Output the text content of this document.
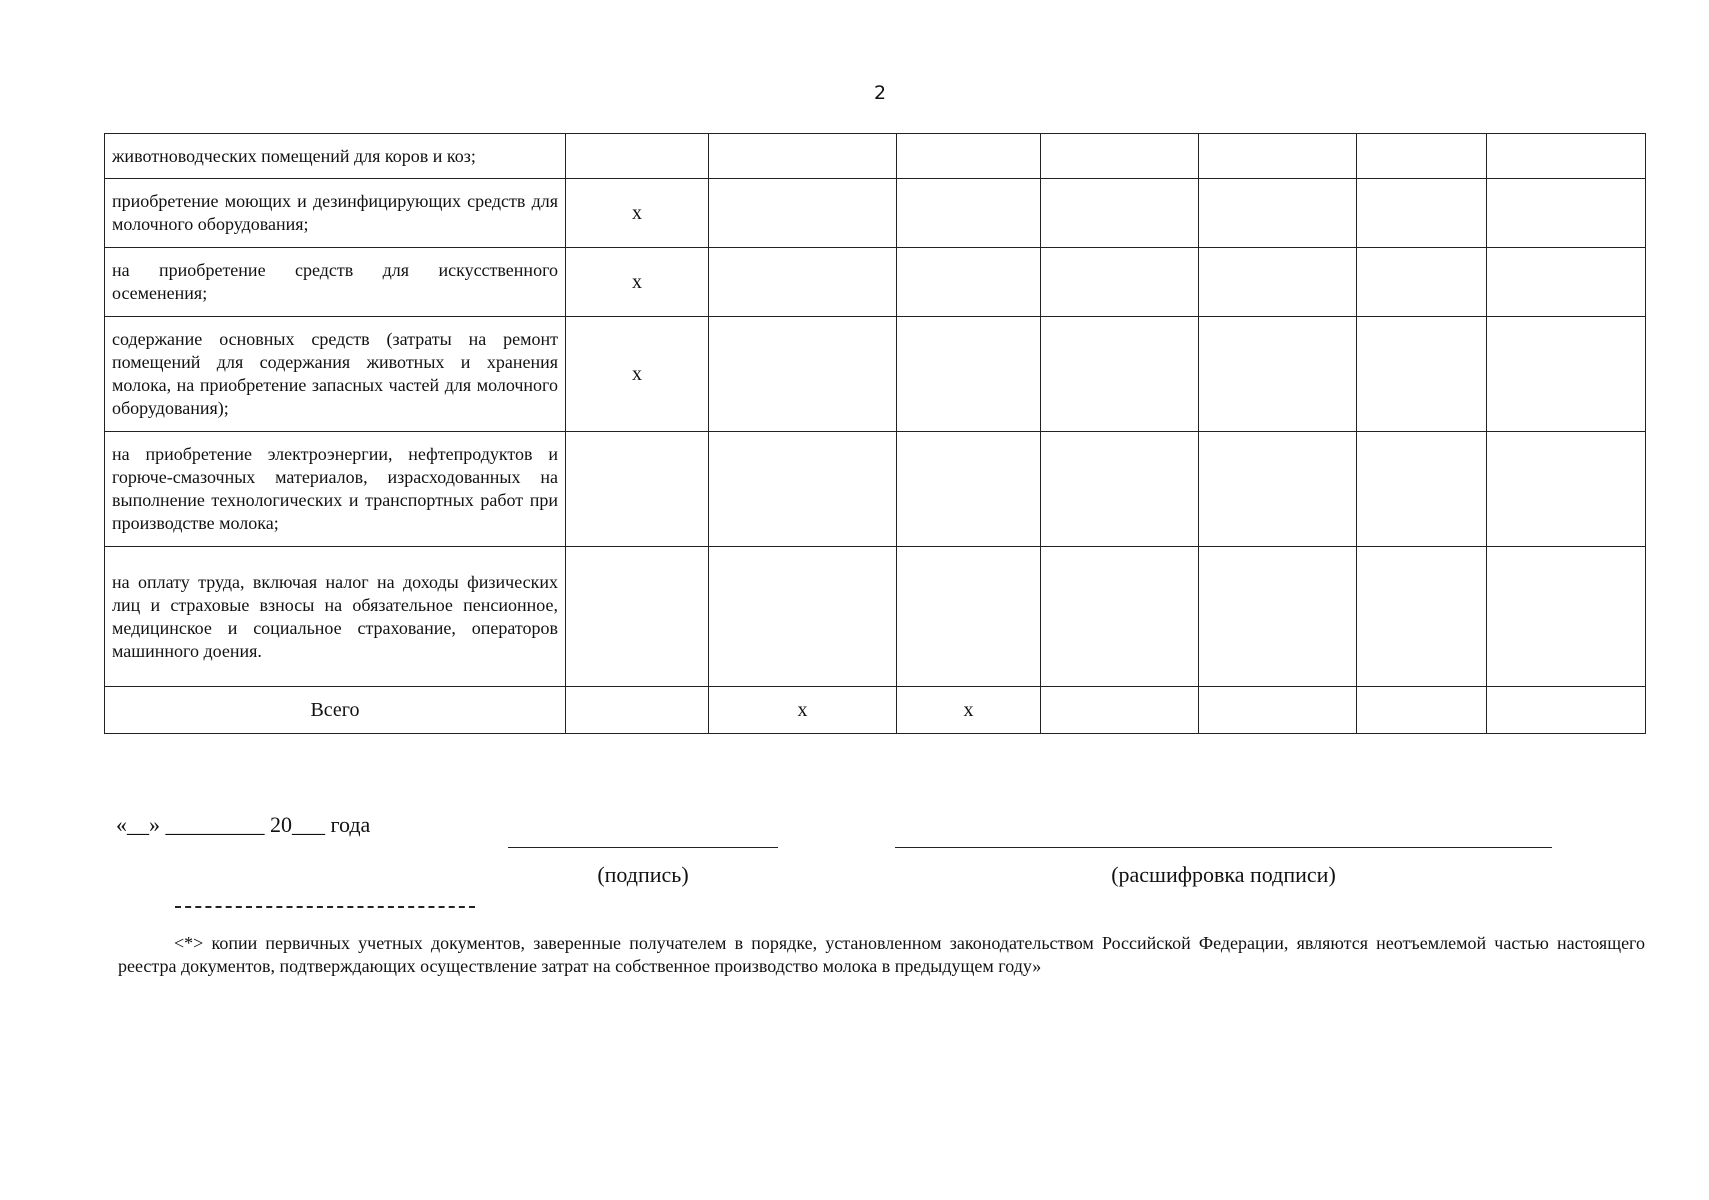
2
животноводческих помещений для коров и коз;							

приобретение моющих и дезинфицирующих средств для молочного оборудования;	x						

на приобретение средств для искусственного осеменения;	x						

содержание основных средств (затраты на ремонт помещений для содержания животных и хранения молока, на приобретение запасных частей для молочного оборудования);	x						

на приобретение электроэнергии, нефтепродуктов и горюче-смазочных материалов, израсходованных на выполнение технологических и транспортных работ при производстве молока;							

на оплату труда, включая налог на доходы физических лиц и страховые взносы на обязательное пенсионное, медицинское и социальное страхование, операторов машинного доения.							

Всего		x	x				
«__» _________ 20___ года
(подпись)	(расшифровка подписи)
<*> копии первичных учетных документов, заверенные получателем в порядке, установленном законодательством Российской Федерации, являются неотъемлемой частью настоящего реестра документов, подтверждающих осуществление затрат на собственное производство молока в предыдущем году»
